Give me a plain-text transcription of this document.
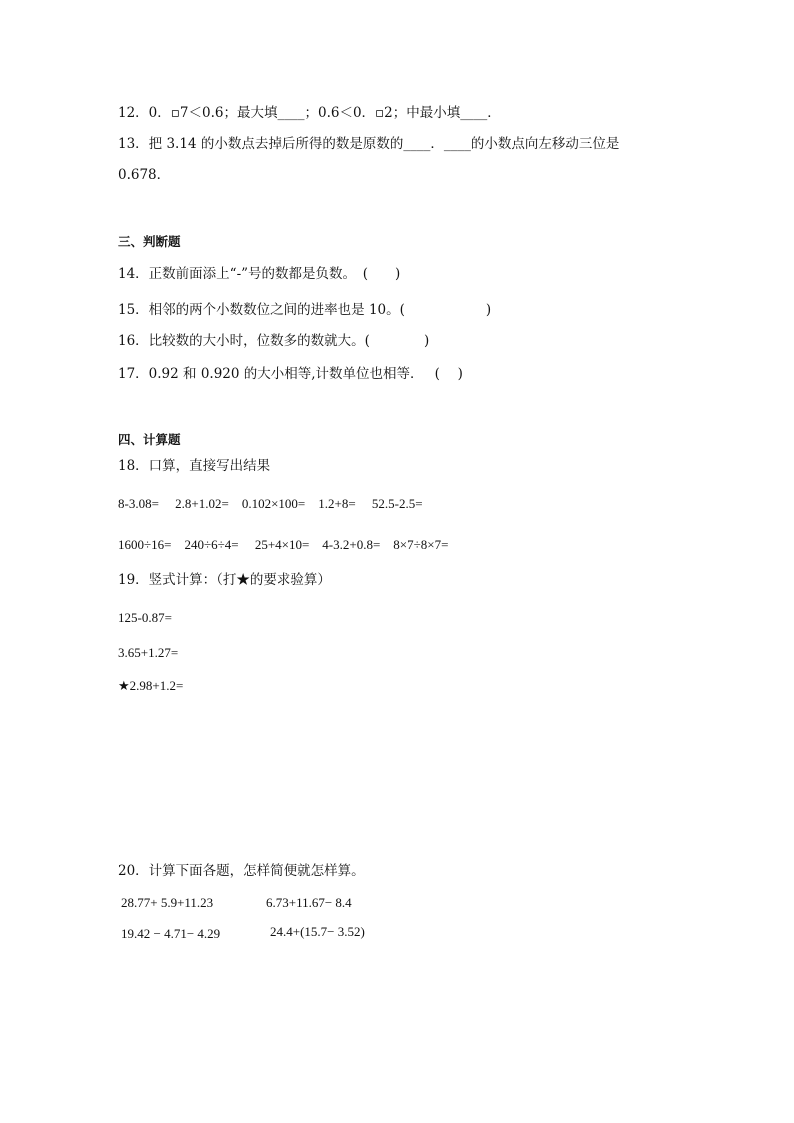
12．0．▫7＜0.6；最大填____；0.6＜0．▫2；中最小填____．
13．把 3.14 的小数点去掉后所得的数是原数的____．____的小数点向左移动三位是
0.678．
三、判断题
14．正数前面添上“-”号的数都是负数。　(　　)
15．相邻的两个小数数位之间的进率也是 10。(　　　　　　)
16．比较数的大小时，位数多的数就大。(　　　　)
17．0.92 和 0.920 的大小相等,计数单位也相等．　 (　 )
四、计算题
18．口算，直接写出结果
8-3.08=　 2.8+1.02=　0.102×100=　1.2+8=　 52.5-2.5=
1600÷16=　240÷6÷4=　 25+4×10=　4-3.2+0.8=　8×7÷8×7=
19．竖式计算：（打★的要求验算）
125-0.87=
3.65+1.27=
★2.98+1.2=
20．计算下面各题，怎样简便就怎样算。
28.77+ 5.9+11.23	6.73+11.67− 8.4
19.42 − 4.71− 4.29	24.4+(15.7− 3.52)
